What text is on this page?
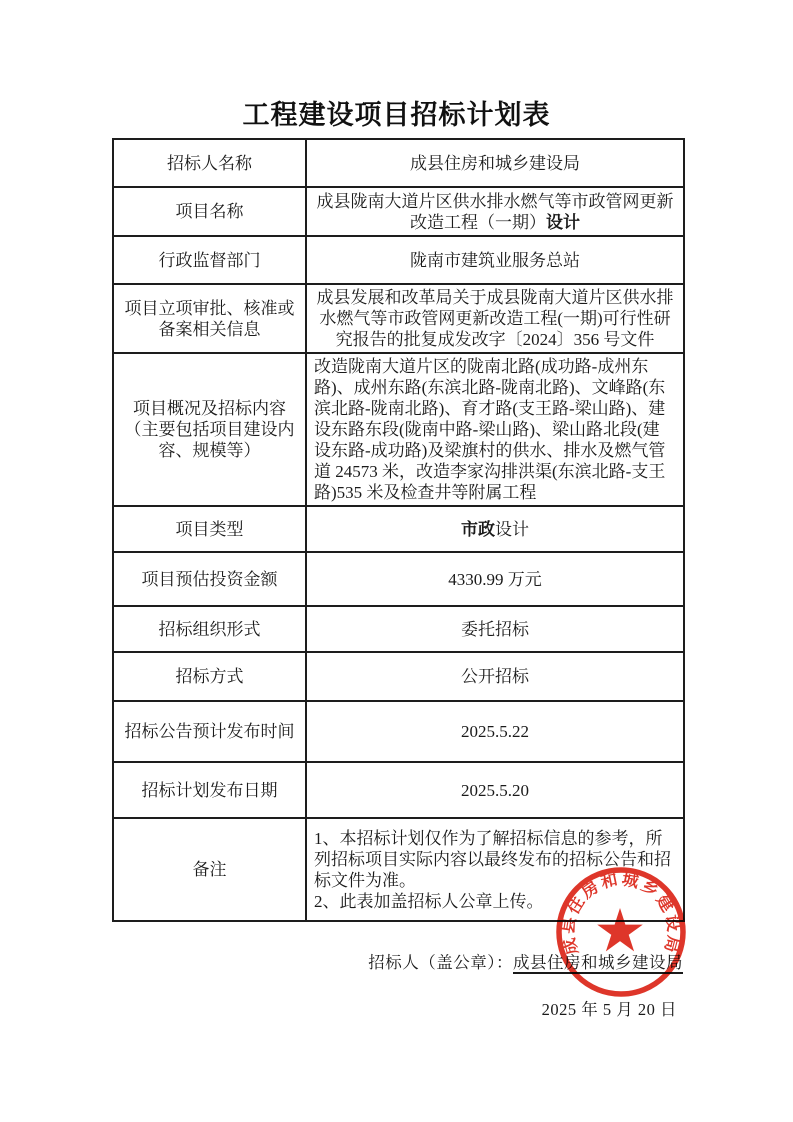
工程建设项目招标计划表
招标人名称	成县住房和城乡建设局
项目名称	成县陇南大道片区供水排水燃气等市政管网更新改造工程（一期）设计
行政监督部门	陇南市建筑业服务总站
项目立项审批、核准或备案相关信息	成县发展和改革局关于成县陇南大道片区供水排水燃气等市政管网更新改造工程(一期)可行性研究报告的批复成发改字〔2024〕356 号文件
项目概况及招标内容（主要包括项目建设内容、规模等）	改造陇南大道片区的陇南北路(成功路-成州东路)、成州东路(东滨北路-陇南北路)、文峰路(东滨北路-陇南北路)、育才路(支王路-梁山路)、建设东路东段(陇南中路-梁山路)、梁山路北段(建设东路-成功路)及梁旗村的供水、排水及燃气管道 24573 米，改造李家沟排洪渠(东滨北路-支王路)535 米及检查井等附属工程
项目类型	市政设计
项目预估投资金额	4330.99 万元
招标组织形式	委托招标
招标方式	公开招标
招标公告预计发布时间	2025.5.22
招标计划发布日期	2025.5.20
备注	1、本招标计划仅作为了解招标信息的参考，所列招标项目实际内容以最终发布的招标公告和招标文件为准。
2、此表加盖招标人公章上传。
招标人（盖公章）：成县住房和城乡建设局
2025 年 5 月 20 日
成县住房和城乡建设局
